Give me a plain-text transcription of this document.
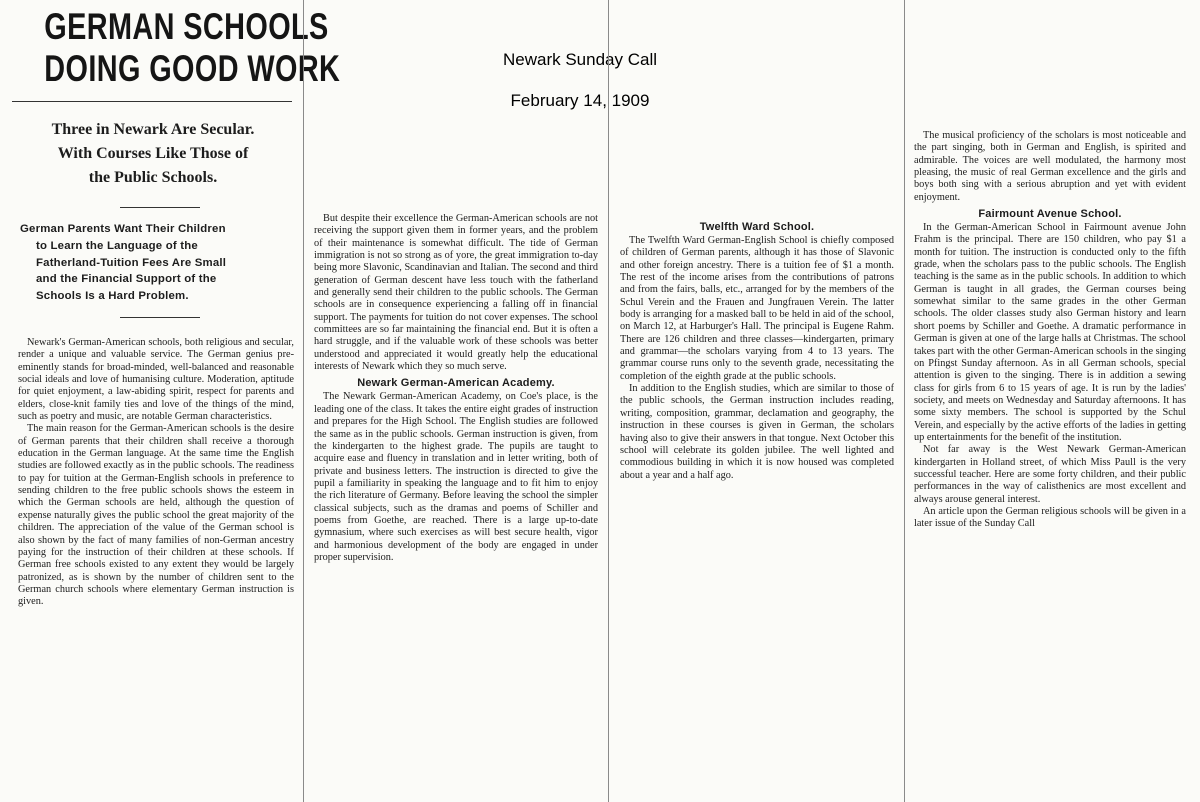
Newark Sunday Call
February 14, 1909
GERMAN SCHOOLS
DOING GOOD WORK
Three in Newark Are Secular.
With Courses Like Those of
the Public Schools.
German Parents Want Their Children
to Learn the Language of the
Fatherland-Tuition Fees Are Small
and the Financial Support of the
Schools Is a Hard Problem.

Newark's German-American schools, both religious and secular, render a unique and valuable service. The German genius pre-eminently stands for broad-minded, well-balanced and reasonable social ideals and love of humanising culture. Moderation, aptitude for quiet enjoyment, a law-abiding spirit, respect for parents and elders, close-knit family ties and love of the things of the mind, such as poetry and music, are notable German characteristics.

The main reason for the German-American schools is the desire of German parents that their children shall receive a thorough education in the German language. At the same time the English studies are followed exactly as in the public schools. The readiness to pay for tuition at the German-English schools in preference to sending children to the free public schools shows the esteem in which the German schools are held, although the question of expense naturally gives the public school the great majority of the children. The appreciation of the value of the German school is also shown by the fact of many families of non-German ancestry paying for the instruction of their children at these schools. If German free schools existed to any extent they would be largely patronized, as is shown by the number of children sent to the German church schools where elementary German instruction is given.

But despite their excellence the German-American schools are not receiving the support given them in former years, and the problem of their maintenance is somewhat difficult. The tide of German immigration is not so strong as of yore, the great immigration to-day being more Slavonic, Scandinavian and Italian. The second and third generation of German descent have less touch with the fatherland and generally send their children to the public schools. The German schools are in consequence experiencing a falling off in financial support. The payments for tuition do not cover expenses. The school committees are so far maintaining the financial end. But it is often a hard struggle, and if the valuable work of these schools was better understood and appreciated it would greatly help the educational interests of Newark which they so much serve.

Newark German-American Academy.

The Newark German-American Academy, on Coe's place, is the leading one of the class. It takes the entire eight grades of instruction and prepares for the High School. The English studies are followed the same as in the public schools. German instruction is given, from the kindergarten to the highest grade. The pupils are taught to acquire ease and fluency in translation and in letter writing, both of private and business letters. The instruction is directed to give the pupil a familiarity in speaking the language and to fit him to enjoy the rich literature of Germany. Before leaving the school the simpler classical subjects, such as the dramas and poems of Schiller and poems from Goethe, are reached. There is a large up-to-date gymnasium, where such exercises as will best secure health, vigor and harmonious development of the body are engaged in under proper supervision.

Twelfth Ward School.

The Twelfth Ward German-English School is chiefly composed of children of German parents, although it has those of Slavonic and other foreign ancestry. There is a tuition fee of $1 a month. The rest of the income arises from the contributions of patrons and from the fairs, balls, etc., arranged for by the members of the Schul Verein and the Frauen and Jungfrauen Verein. The latter body is arranging for a masked ball to be held in aid of the school, on March 12, at Harburger's Hall. The principal is Eugene Rahm. There are 126 children and three classes—kindergarten, primary and grammar—the scholars varying from 4 to 13 years. The grammar course runs only to the seventh grade, necessitating the completion of the eighth grade at the public schools.

In addition to the English studies, which are similar to those of the public schools, the German instruction includes reading, writing, composition, grammar, declamation and geography, the instruction in these courses is given in German, the scholars having also to give their answers in that tongue. Next October this school will celebrate its golden jubilee. The well lighted and commodious building in which it is now housed was completed about a year and a half ago.

The musical proficiency of the scholars is most noticeable and the part singing, both in German and English, is spirited and admirable. The voices are well modulated, the harmony most pleasing, the music of real German excellence and the girls and boys both sing with a serious abruption and yet with evident enjoyment.

Fairmount Avenue School.

In the German-American School in Fairmount avenue John Frahm is the principal. There are 150 children, who pay $1 a month for tuition. The instruction is conducted only to the fifth grade, when the scholars pass to the public schools. The English teaching is the same as in the public schools. In addition to which German is taught in all grades, the German courses being somewhat similar to the same grades in the other German schools. The older classes study also German history and learn short poems by Schiller and Goethe. A dramatic performance in German is given at one of the large halls at Christmas. The school takes part with the other German-American schools in the singing on Pfingst Sunday afternoon. As in all German schools, special attention is given to the singing. There is in addition a sewing class for girls from 6 to 15 years of age. It is run by the ladies' society, and meets on Wednesday and Saturday afternoons. It has some sixty members. The school is supported by the Schul Verein, and especially by the active efforts of the ladies in getting up entertainments for the benefit of the institution.

Not far away is the West Newark German-American kindergarten in Holland street, of which Miss Paull is the very successful teacher. Here are some forty children, and their public performances in the way of calisthenics are most excellent and always arouse general interest.

An article upon the German religious schools will be given in a later issue of the Sunday Call
